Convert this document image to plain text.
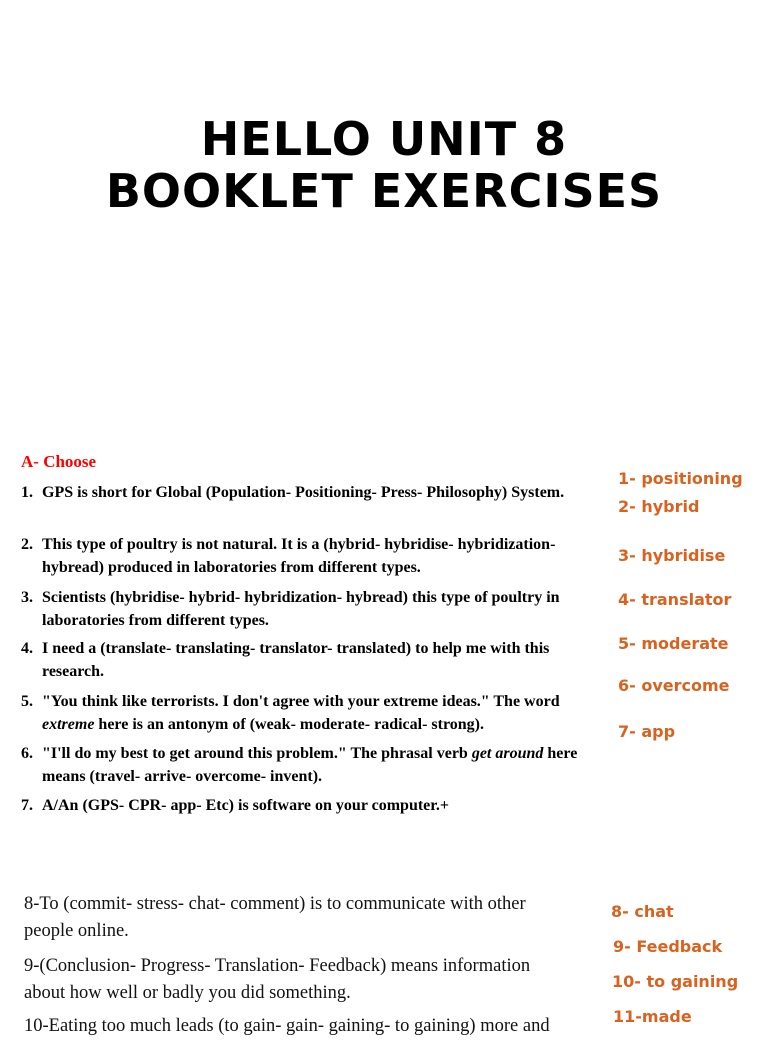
HELLO UNIT 8
BOOKLET EXERCISES
A- Choose
1. GPS is short for Global (Population- Positioning- Press- Philosophy) System.
2. This type of poultry is not natural. It is a (hybrid- hybridise- hybridization- hybread) produced in laboratories from different types.
3. Scientists (hybridise- hybrid- hybridization- hybread) this type of poultry in laboratories from different types.
4. I need a (translate- translating- translator- translated) to help me with this research.
5. "You think like terrorists. I don't agree with your extreme ideas." The word extreme here is an antonym of (weak- moderate- radical- strong).
6. "I'll do my best to get around this problem." The phrasal verb get around here means (travel- arrive- overcome- invent).
7. A/An (GPS- CPR- app- Etc) is software on your computer.+
1- positioning
2- hybrid
3- hybridise
4- translator
5- moderate
6- overcome
7- app
8-To (commit- stress- chat- comment) is to communicate with other people online.
9-(Conclusion- Progress- Translation- Feedback) means information about how well or badly you did something.
10-Eating too much leads (to gain- gain- gaining- to gaining) more and
8- chat
9- Feedback
10- to gaining
11-made
